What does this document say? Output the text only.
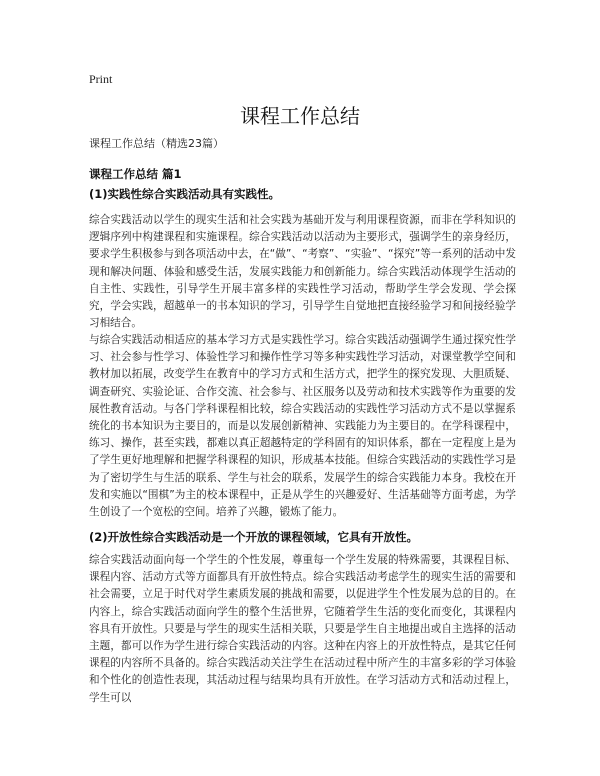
Print
课程工作总结
课程工作总结（精选23篇）
课程工作总结 篇1
(1)实践性综合实践活动具有实践性。

综合实践活动以学生的现实生活和社会实践为基础开发与利用课程资源，而非在学科知识的逻辑序列中构建课程和实施课程。综合实践活动以活动为主要形式，强调学生的亲身经历，要求学生积极参与到各项活动中去，在“做”、“考察”、“实验”、“探究”等一系列的活动中发现和解决问题、体验和感受生活，发展实践能力和创新能力。综合实践活动体现学生活动的自主性、实践性，引导学生开展丰富多样的实践性学习活动，帮助学生学会发现、学会探究，学会实践，超越单一的书本知识的学习，引导学生自觉地把直接经验学习和间接经验学习相结合。

与综合实践活动相适应的基本学习方式是实践性学习。综合实践活动强调学生通过探究性学习、社会参与性学习、体验性学习和操作性学习等多种实践性学习活动，对课堂教学空间和教材加以拓展，改变学生在教育中的学习方式和生活方式，把学生的探究发现、大胆质疑、调查研究、实验论证、合作交流、社会参与、社区服务以及劳动和技术实践等作为重要的发展性教育活动。与各门学科课程相比较，综合实践活动的实践性学习活动方式不是以掌握系统化的书本知识为主要目的，而是以发展创新精神、实践能力为主要目的。在学科课程中，练习、操作，甚至实践，都难以真正超越特定的学科固有的知识体系，都在一定程度上是为了学生更好地理解和把握学科课程的知识，形成基本技能。但综合实践活动的实践性学习是为了密切学生与生活的联系、学生与社会的联系，发展学生的综合实践能力本身。我校在开发和实施以“围棋”为主的校本课程中，正是从学生的兴趣爱好、生活基础等方面考虑，为学生创设了一个宽松的空间。培养了兴趣，锻炼了能力。

(2)开放性综合实践活动是一个开放的课程领域，它具有开放性。

综合实践活动面向每一个学生的个性发展，尊重每一个学生发展的特殊需要，其课程目标、课程内容、活动方式等方面都具有开放性特点。综合实践活动考虑学生的现实生活的需要和社会需要，立足于时代对学生素质发展的挑战和需要，以促进学生个性发展为总的目的。在内容上，综合实践活动面向学生的整个生活世界，它随着学生生活的变化而变化，其课程内容具有开放性。只要是与学生的现实生活相关联，只要是学生自主地提出或自主选择的活动主题，都可以作为学生进行综合实践活动的内容。这种在内容上的开放性特点，是其它任何课程的内容所不具备的。综合实践活动关注学生在活动过程中所产生的丰富多彩的学习体验和个性化的创造性表现，其活动过程与结果均具有开放性。在学习活动方式和活动过程上，学生可以
